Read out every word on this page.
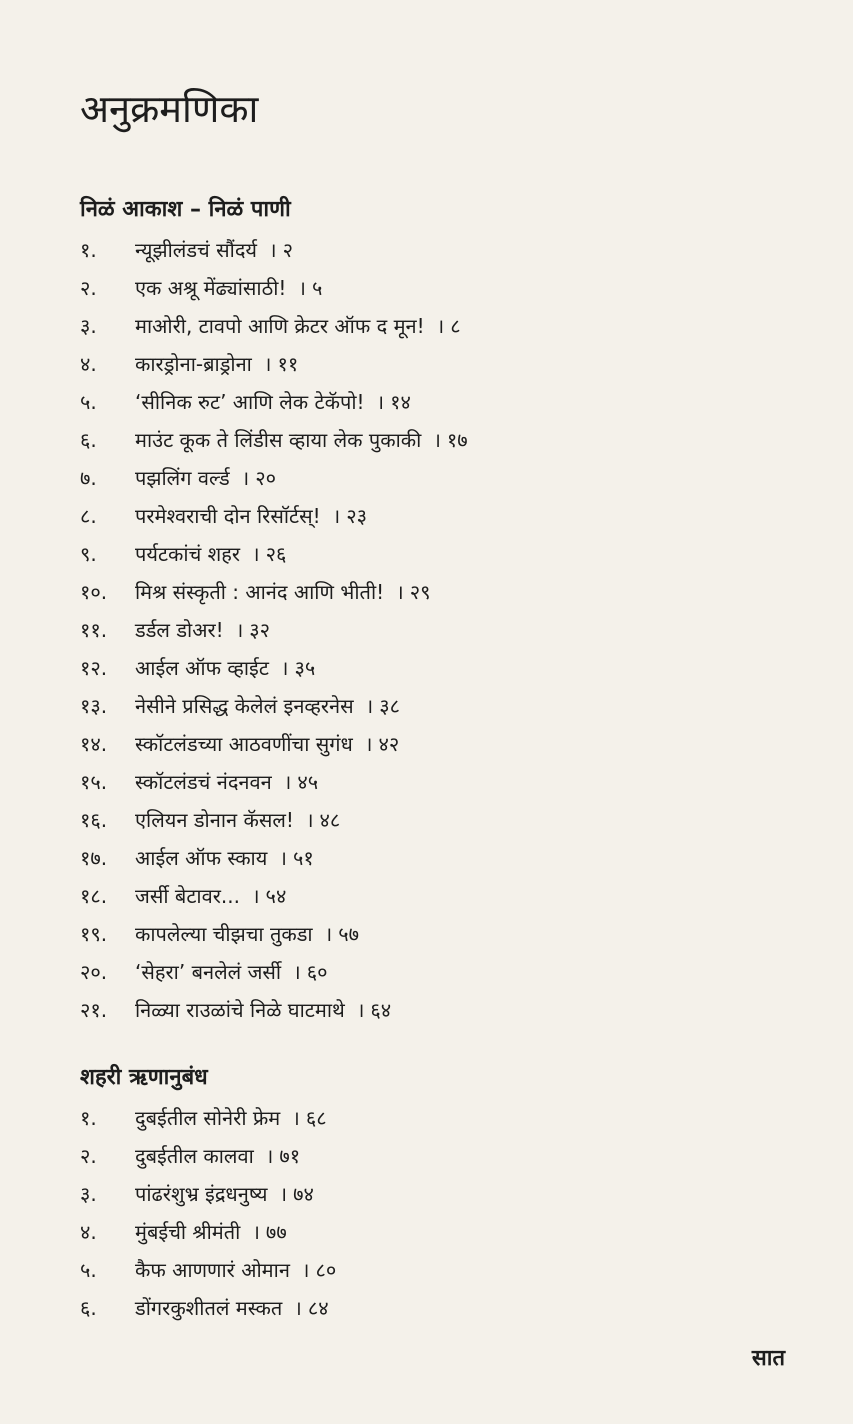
अनुक्रमणिका
निळं आकाश – निळं पाणी
१. न्यूझीलंडचं सौंदर्य । २
२. एक अश्रू मेंढ्यांसाठी! । ५
३. माओरी, टावपो आणि क्रेटर ऑफ द मून! । ८
४. कारड्रोना-ब्राड्रोना । ११
५. ‘सीनिक रुट’ आणि लेक टेकॅपो! । १४
६. माउंट कूक ते लिंडीस व्हाया लेक पुकाकी । १७
७. पझलिंग वर्ल्ड । २०
८. परमेश्वराची दोन रिसॉर्टस्! । २३
९. पर्यटकांचं शहर । २६
१०. मिश्र संस्कृती : आनंद आणि भीती! । २९
११. डर्डल डोअर! । ३२
१२. आईल ऑफ व्हाईट । ३५
१३. नेसीने प्रसिद्ध केलेलं इनव्हरनेस । ३८
१४. स्कॉटलंडच्या आठवणींचा सुगंध । ४२
१५. स्कॉटलंडचं नंदनवन । ४५
१६. एलियन डोनान कॅसल! । ४८
१७. आईल ऑफ स्काय । ५१
१८. जर्सी बेटावर... । ५४
१९. कापलेल्या चीझचा तुकडा । ५७
२०. ‘सेहरा’ बनलेलं जर्सी । ६०
२१. निळ्या राउळांचे निळे घाटमाथे । ६४
शहरी ऋणानुबंध
१. दुबईतील सोनेरी फ्रेम । ६८
२. दुबईतील कालवा । ७१
३. पांढरंशुभ्र इंद्रधनुष्य । ७४
४. मुंबईची श्रीमंती । ७७
५. कैफ आणणारं ओमान । ८०
६. डोंगरकुशीतलं मस्कत । ८४
सात
